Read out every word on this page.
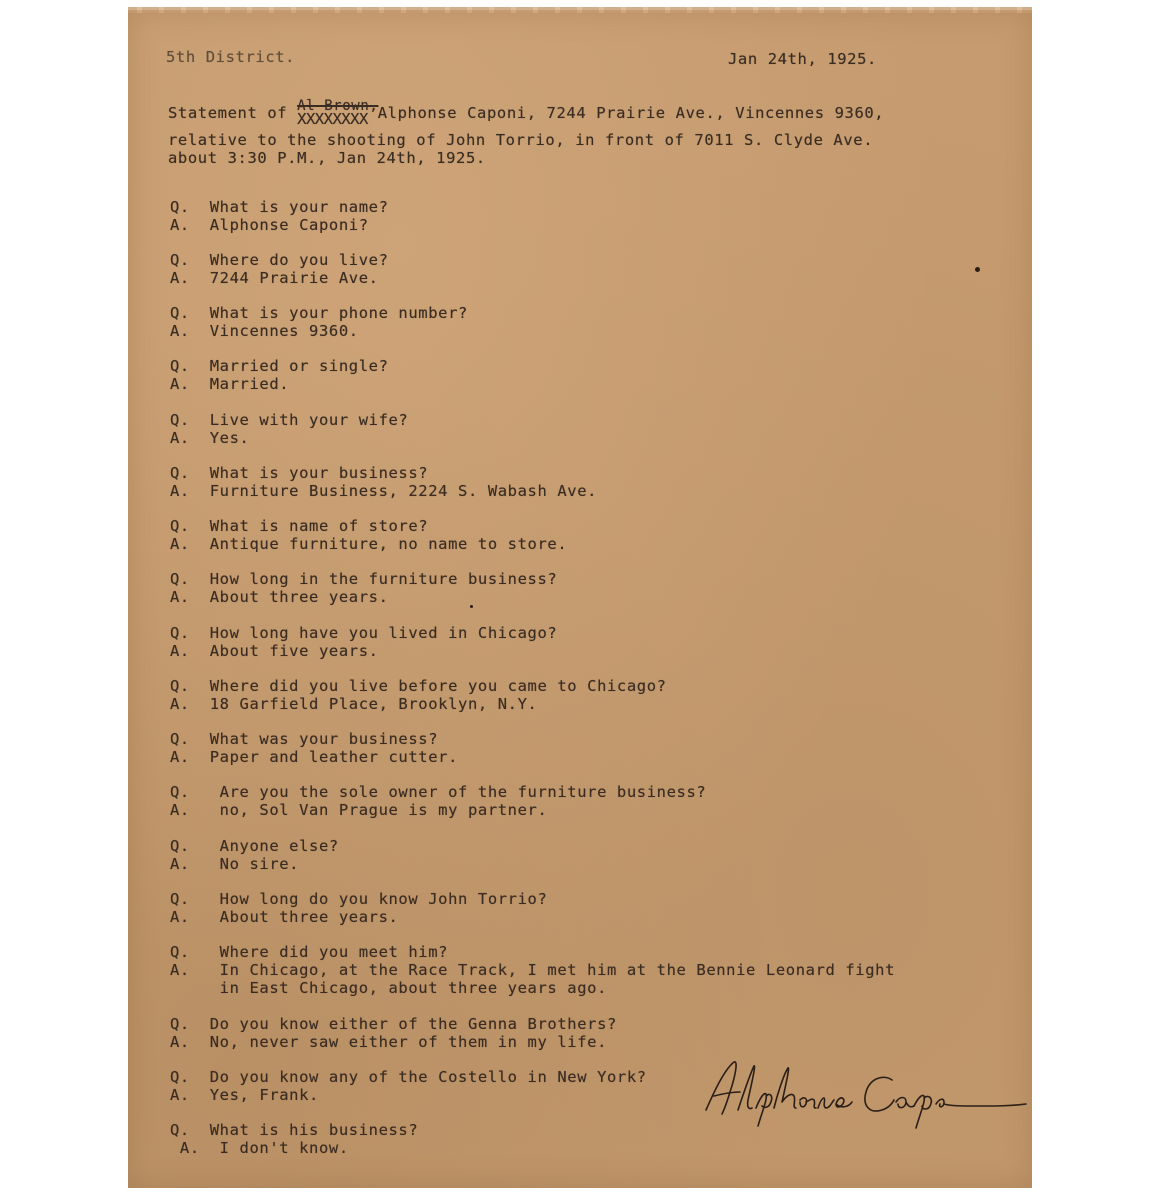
5th District.	Jan 24th, 1925.
Statement of Al Brown,
XXXXXXXX Alphonse Caponi, 7244 Prairie Ave., Vincennes 9360,
relative to the shooting of John Torrio, in front of 7011 S. Clyde Ave.
about 3:30 P.M., Jan 24th, 1925.
Q.  What is your name?
A.  Alphonse Caponi?
Q.  Where do you live?
A.  7244 Prairie Ave.
Q.  What is your phone number?
A.  Vincennes 9360.
Q.  Married or single?
A.  Married.
Q.  Live with your wife?
A.  Yes.
Q.  What is your business?
A.  Furniture Business, 2224 S. Wabash Ave.
Q.  What is name of store?
A.  Antique furniture, no name to store.
Q.  How long in the furniture business?
A.  About three years.
Q.  How long have you lived in Chicago?
A.  About five years.
Q.  Where did you live before you came to Chicago?
A.  18 Garfield Place, Brooklyn, N.Y.
Q.  What was your business?
A.  Paper and leather cutter.
Q.   Are you the sole owner of the furniture business?
A.   no, Sol Van Prague is my partner.
Q.   Anyone else?
A.   No sire.
Q.   How long do you know John Torrio?
A.   About three years.
Q.   Where did you meet him?
A.   In Chicago, at the Race Track, I met him at the Bennie Leonard fight
in East Chicago, about three years ago.
Q.  Do you know either of the Genna Brothers?
A.  No, never saw either of them in my life.
Q.  Do you know any of the Costello in New York?
A.  Yes, Frank.
Q.  What is his business?
A.  I don't know.
